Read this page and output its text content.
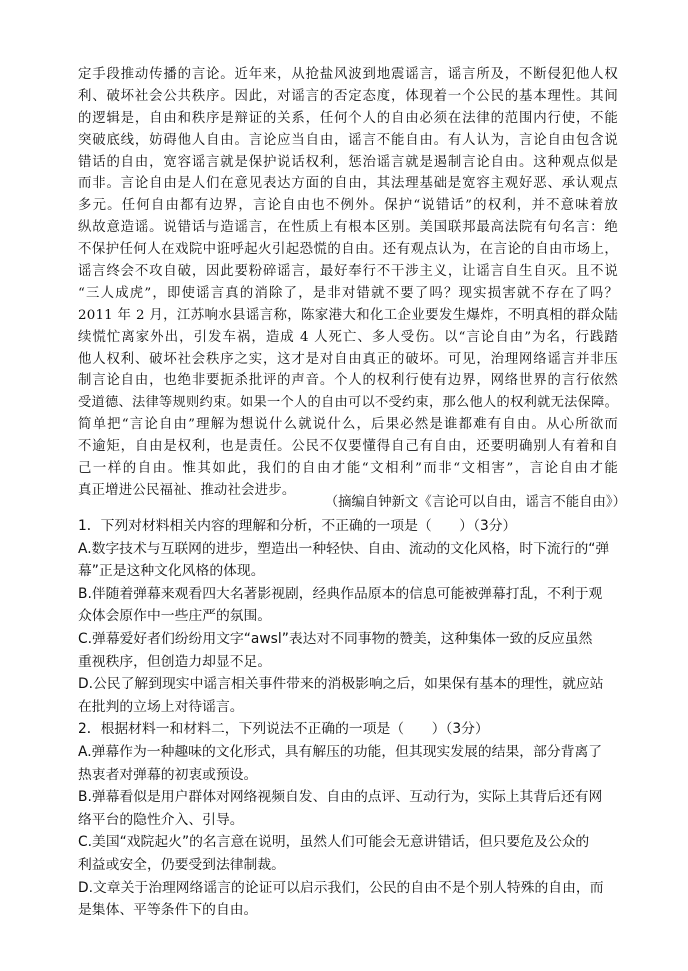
定手段推动传播的言论。近年来，从抢盐风波到地震谣言，谣言所及，不断侵犯他人权
利、破坏社会公共秩序。因此，对谣言的否定态度，体现着一个公民的基本理性。其间
的逻辑是，自由和秩序是辩证的关系，任何个人的自由必须在法律的范围内行使，不能
突破底线，妨碍他人自由。言论应当自由，谣言不能自由。有人认为，言论自由包含说
错话的自由，宽容谣言就是保护说话权利，惩治谣言就是遏制言论自由。这种观点似是
而非。言论自由是人们在意见表达方面的自由，其法理基础是宽容主观好恶、承认观点
多元。任何自由都有边界，言论自由也不例外。保护“说错话”的权利，并不意味着放
纵故意造谣。说错话与造谣言，在性质上有根本区别。美国联邦最高法院有句名言：绝
不保护任何人在戏院中诳呼起火引起恐慌的自由。还有观点认为，在言论的自由市场上，
谣言终会不攻自破，因此要粉碎谣言，最好奉行不干涉主义，让谣言自生自灭。且不说
“三人成虎”，即使谣言真的消除了，是非对错就不要了吗？现实损害就不存在了吗？
2011 年 2 月，江苏响水县谣言称，陈家港大和化工企业要发生爆炸，不明真相的群众陆
续慌忙离家外出，引发车祸，造成 4 人死亡、多人受伤。以“言论自由”为名，行践踏
他人权利、破坏社会秩序之实，这才是对自由真正的破坏。可见，治理网络谣言并非压
制言论自由，也绝非要扼杀批评的声音。个人的权利行使有边界，网络世界的言行依然
受道德、法律等规则约束。如果一个人的自由可以不受约束，那么他人的权利就无法保障。
简单把“言论自由”理解为想说什么就说什么，后果必然是谁都难有自由。从心所欲而
不逾矩，自由是权利，也是责任。公民不仅要懂得自己有自由，还要明确别人有着和自
己一样的自由。惟其如此，我们的自由才能“文相利”而非“文相害”，言论自由才能
真正增进公民福祉、推动社会进步。
（摘编自钟新文《言论可以自由，谣言不能自由》）
1．下列对材料相关内容的理解和分析，不正确的一项是（　　）（3分）
A.数字技术与互联网的进步，塑造出一种轻快、自由、流动的文化风格，时下流行的“弹
幕”正是这种文化风格的体现。
B.伴随着弹幕来观看四大名著影视剧，经典作品原本的信息可能被弹幕打乱，不利于观
众体会原作中一些庄严的氛围。
C.弹幕爱好者们纷纷用文字“awsl”表达对不同事物的赞美，这种集体一致的反应虽然
重视秩序，但创造力却显不足。
D.公民了解到现实中谣言相关事件带来的消极影响之后，如果保有基本的理性，就应站
在批判的立场上对待谣言。
2．根据材料一和材料二，下列说法不正确的一项是（　　）（3分）
A.弹幕作为一种趣味的文化形式，具有解压的功能，但其现实发展的结果，部分背离了
热衷者对弹幕的初衷或预设。
B.弹幕看似是用户群体对网络视频自发、自由的点评、互动行为，实际上其背后还有网
络平台的隐性介入、引导。
C.美国“戏院起火”的名言意在说明，虽然人们可能会无意讲错话，但只要危及公众的
利益或安全，仍要受到法律制裁。
D.文章关于治理网络谣言的论证可以启示我们，公民的自由不是个别人特殊的自由，而
是集体、平等条件下的自由。
